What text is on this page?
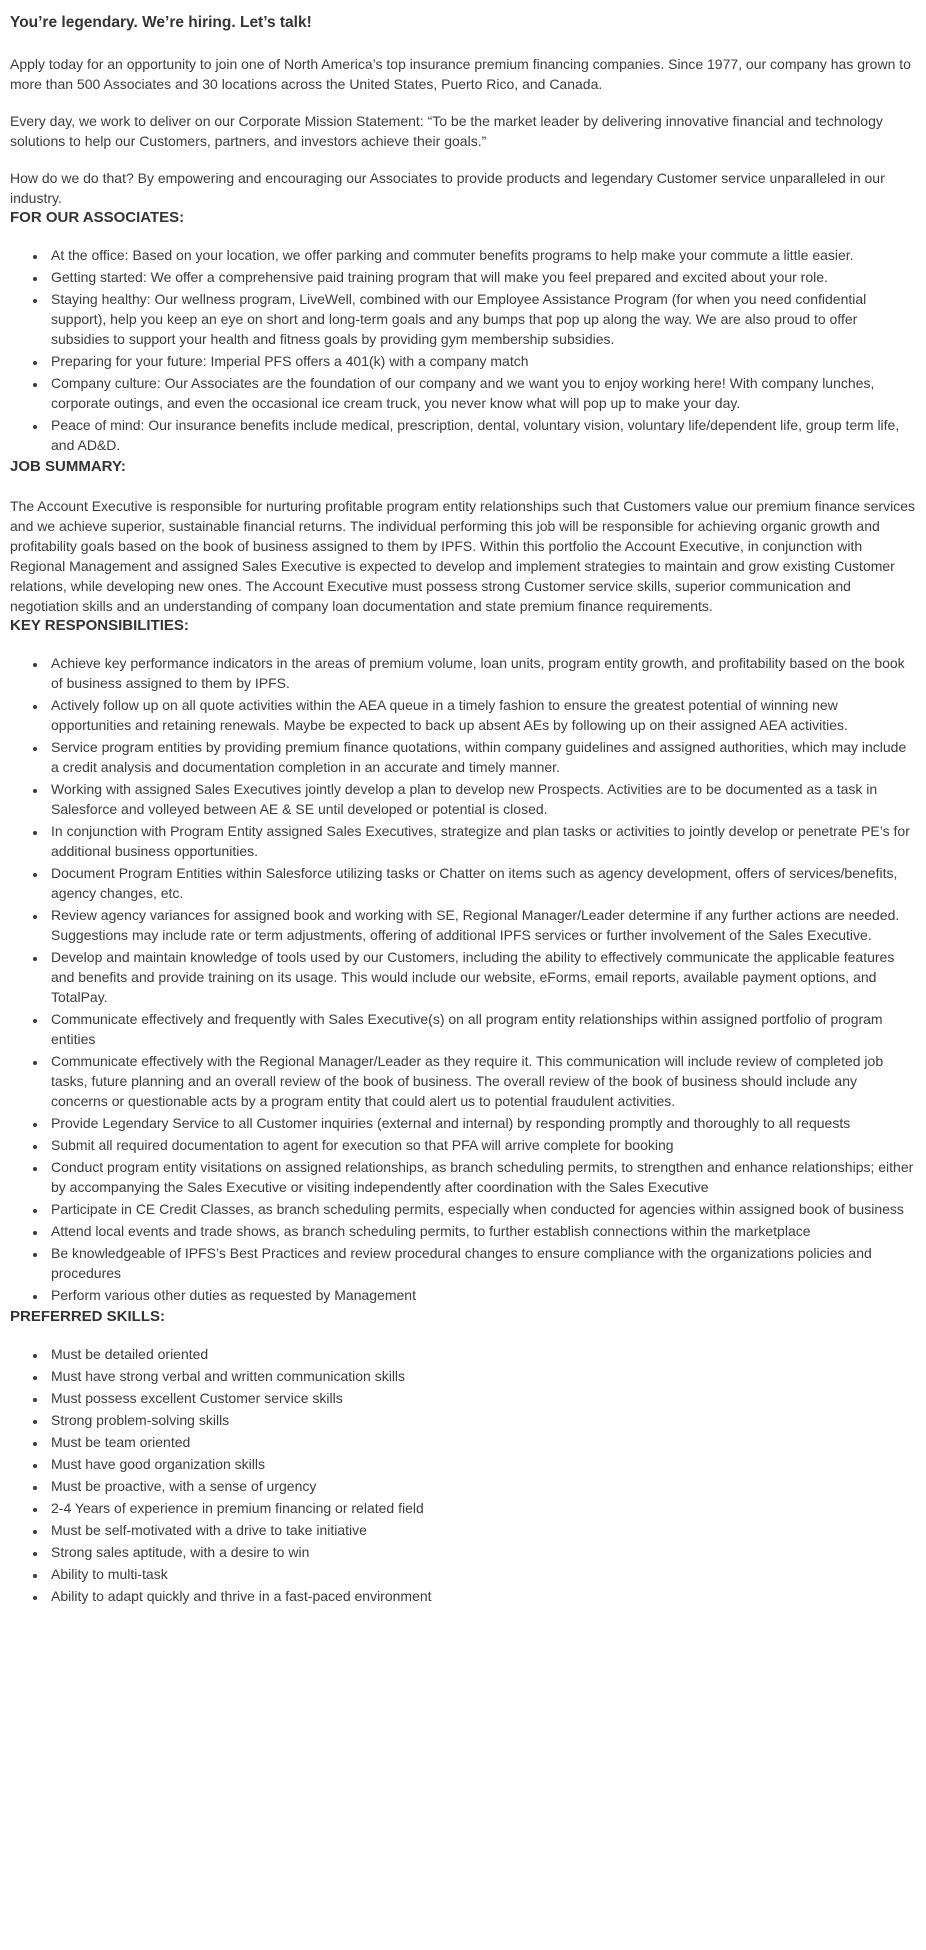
You’re legendary. We’re hiring. Let’s talk!

Apply today for an opportunity to join one of North America’s top insurance premium financing companies. Since 1977, our company has grown to more than 500 Associates and 30 locations across the United States, Puerto Rico, and Canada.

Every day, we work to deliver on our Corporate Mission Statement: “To be the market leader by delivering innovative financial and technology solutions to help our Customers, partners, and investors achieve their goals.”

How do we do that? By empowering and encouraging our Associates to provide products and legendary Customer service unparalleled in our industry.

FOR OUR ASSOCIATES:
• At the office: Based on your location, we offer parking and commuter benefits programs to help make your commute a little easier.
• Getting started: We offer a comprehensive paid training program that will make you feel prepared and excited about your role.
• Staying healthy: Our wellness program, LiveWell, combined with our Employee Assistance Program (for when you need confidential support), help you keep an eye on short and long-term goals and any bumps that pop up along the way. We are also proud to offer subsidies to support your health and fitness goals by providing gym membership subsidies.
• Preparing for your future: Imperial PFS offers a 401(k) with a company match
• Company culture: Our Associates are the foundation of our company and we want you to enjoy working here! With company lunches, corporate outings, and even the occasional ice cream truck, you never know what will pop up to make your day.
• Peace of mind: Our insurance benefits include medical, prescription, dental, voluntary vision, voluntary life/dependent life, group term life, and AD&D.
JOB SUMMARY:

The Account Executive is responsible for nurturing profitable program entity relationships such that Customers value our premium finance services and we achieve superior, sustainable financial returns. The individual performing this job will be responsible for achieving organic growth and profitability goals based on the book of business assigned to them by IPFS. Within this portfolio the Account Executive, in conjunction with Regional Management and assigned Sales Executive is expected to develop and implement strategies to maintain and grow existing Customer relations, while developing new ones. The Account Executive must possess strong Customer service skills, superior communication and negotiation skills and an understanding of company loan documentation and state premium finance requirements.

KEY RESPONSIBILITIES:
• Achieve key performance indicators in the areas of premium volume, loan units, program entity growth, and profitability based on the book of business assigned to them by IPFS.
• Actively follow up on all quote activities within the AEA queue in a timely fashion to ensure the greatest potential of winning new opportunities and retaining renewals. Maybe be expected to back up absent AEs by following up on their assigned AEA activities.
• Service program entities by providing premium finance quotations, within company guidelines and assigned authorities, which may include a credit analysis and documentation completion in an accurate and timely manner.
• Working with assigned Sales Executives jointly develop a plan to develop new Prospects. Activities are to be documented as a task in Salesforce and volleyed between AE & SE until developed or potential is closed.
• In conjunction with Program Entity assigned Sales Executives, strategize and plan tasks or activities to jointly develop or penetrate PE’s for additional business opportunities.
• Document Program Entities within Salesforce utilizing tasks or Chatter on items such as agency development, offers of services/benefits, agency changes, etc.
• Review agency variances for assigned book and working with SE, Regional Manager/Leader determine if any further actions are needed. Suggestions may include rate or term adjustments, offering of additional IPFS services or further involvement of the Sales Executive.
• Develop and maintain knowledge of tools used by our Customers, including the ability to effectively communicate the applicable features and benefits and provide training on its usage. This would include our website, eForms, email reports, available payment options, and TotalPay.
• Communicate effectively and frequently with Sales Executive(s) on all program entity relationships within assigned portfolio of program entities
• Communicate effectively with the Regional Manager/Leader as they require it. This communication will include review of completed job tasks, future planning and an overall review of the book of business. The overall review of the book of business should include any concerns or questionable acts by a program entity that could alert us to potential fraudulent activities.
• Provide Legendary Service to all Customer inquiries (external and internal) by responding promptly and thoroughly to all requests
• Submit all required documentation to agent for execution so that PFA will arrive complete for booking
• Conduct program entity visitations on assigned relationships, as branch scheduling permits, to strengthen and enhance relationships; either by accompanying the Sales Executive or visiting independently after coordination with the Sales Executive
• Participate in CE Credit Classes, as branch scheduling permits, especially when conducted for agencies within assigned book of business
• Attend local events and trade shows, as branch scheduling permits, to further establish connections within the marketplace
• Be knowledgeable of IPFS’s Best Practices and review procedural changes to ensure compliance with the organizations policies and procedures
• Perform various other duties as requested by Management
PREFERRED SKILLS:
• Must be detailed oriented
• Must have strong verbal and written communication skills
• Must possess excellent Customer service skills
• Strong problem-solving skills
• Must be team oriented
• Must have good organization skills
• Must be proactive, with a sense of urgency
• 2-4 Years of experience in premium financing or related field
• Must be self-motivated with a drive to take initiative
• Strong sales aptitude, with a desire to win
• Ability to multi-task
• Ability to adapt quickly and thrive in a fast-paced environment
